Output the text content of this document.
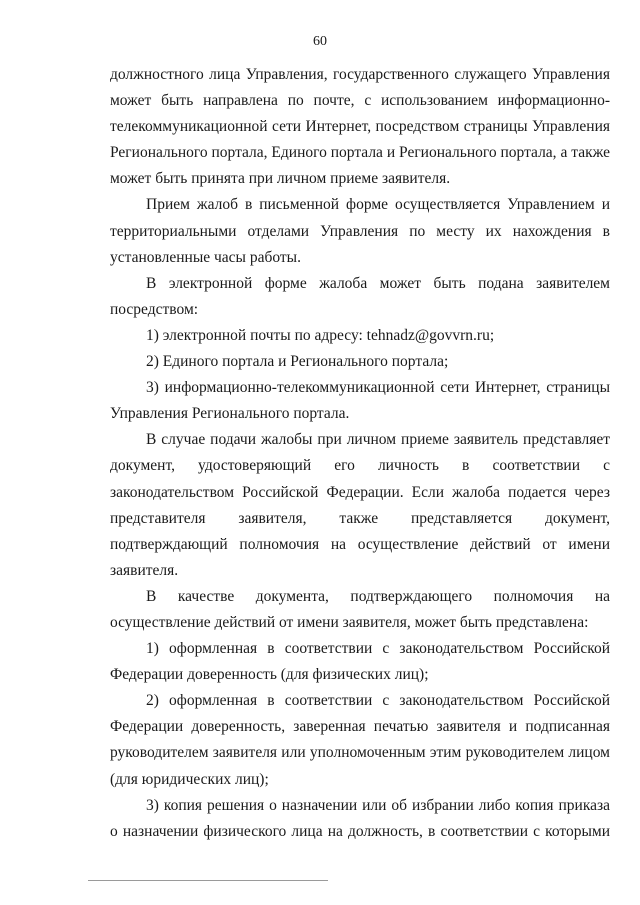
60

должностного лица Управления, государственного служащего Управления может быть направлена по почте, с использованием информационно-телекоммуникационной сети Интернет, посредством страницы Управления Регионального портала, Единого портала и Регионального портала, а также может быть принята при личном приеме заявителя.

Прием жалоб в письменной форме осуществляется Управлением и территориальными отделами Управления по месту их нахождения в установленные часы работы.

В электронной форме жалоба может быть подана заявителем посредством:

1) электронной почты по адресу: tehnadz@govvrn.ru;

2) Единого портала и Регионального портала;

3) информационно-телекоммуникационной сети Интернет, страницы Управления Регионального портала.

В случае подачи жалобы при личном приеме заявитель представляет документ, удостоверяющий его личность в соответствии с законодательством Российской Федерации. Если жалоба подается через представителя заявителя, также представляется документ, подтверждающий полномочия на осуществление действий от имени заявителя.

В качестве документа, подтверждающего полномочия на осуществление действий от имени заявителя, может быть представлена:

1) оформленная в соответствии с законодательством Российской Федерации доверенность (для физических лиц);

2) оформленная в соответствии с законодательством Российской Федерации доверенность, заверенная печатью заявителя и подписанная руководителем заявителя или уполномоченным этим руководителем лицом (для юридических лиц);

3) копия решения о назначении или об избрании либо копия приказа о назначении физического лица на должность, в соответствии с которыми
